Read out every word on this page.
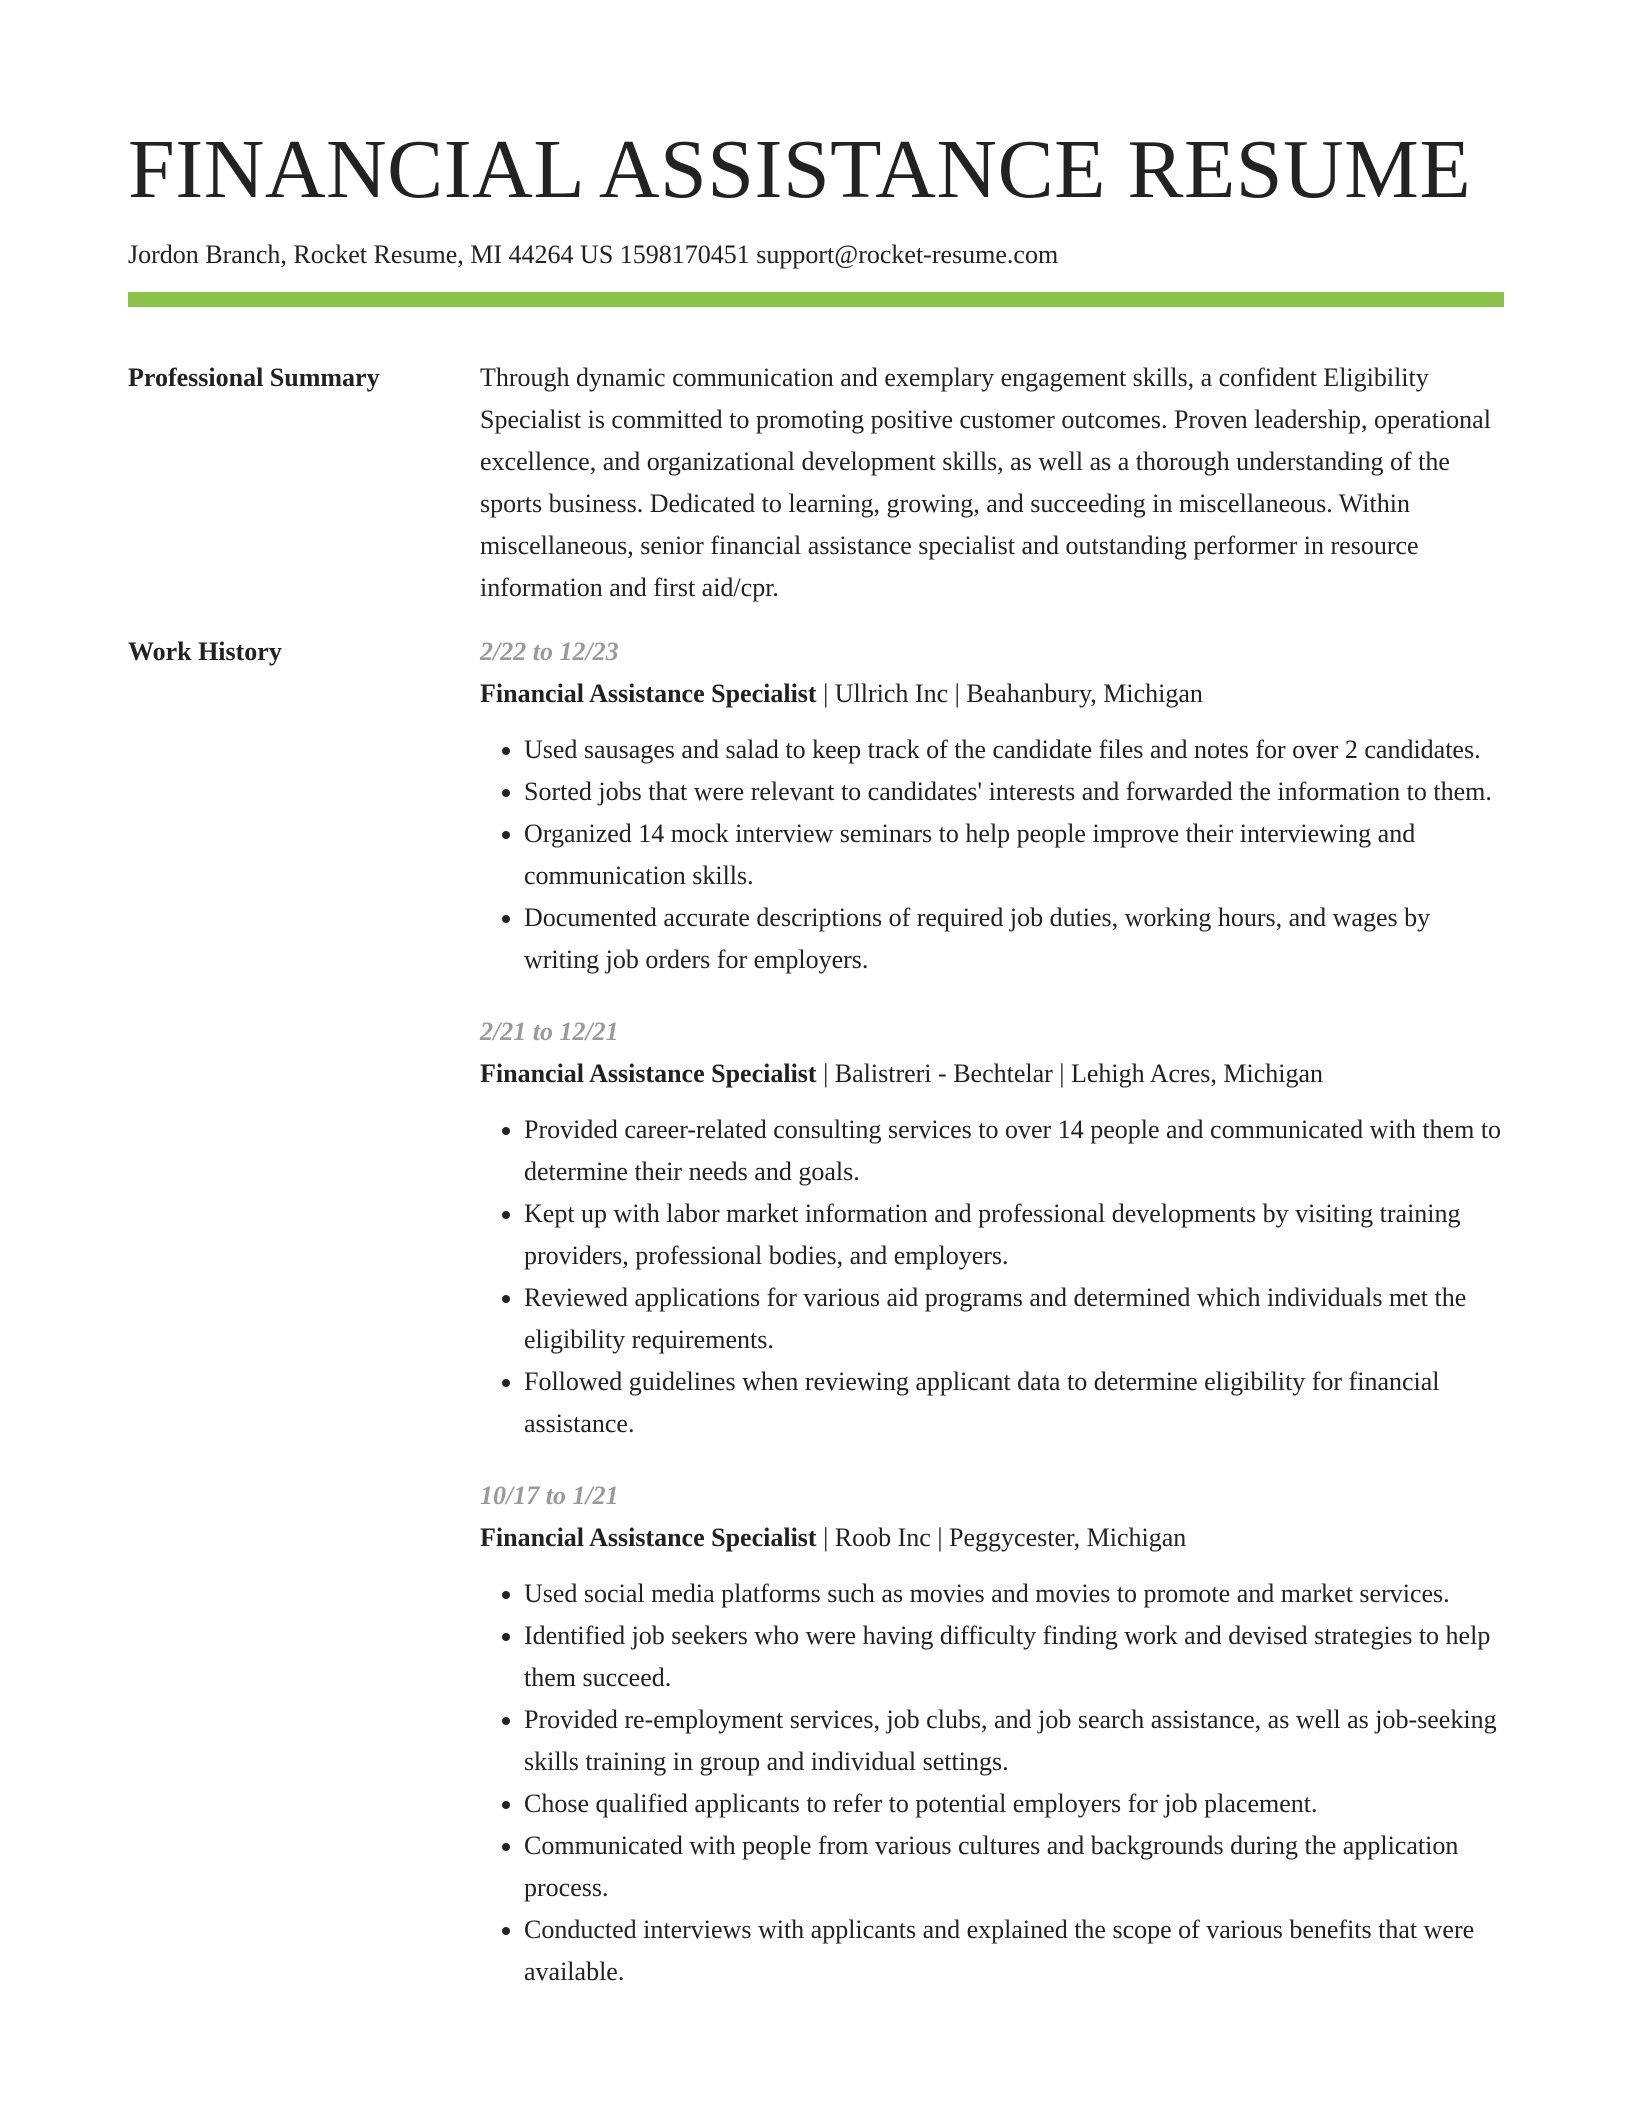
FINANCIAL ASSISTANCE RESUME
Jordon Branch, Rocket Resume, MI 44264 US 1598170451 support@rocket-resume.com
Professional Summary	Through dynamic communication and exemplary engagement skills, a confident Eligibility Specialist is committed to promoting positive customer outcomes. Proven leadership, operational excellence, and organizational development skills, as well as a thorough understanding of the sports business. Dedicated to learning, growing, and succeeding in miscellaneous. Within miscellaneous, senior financial assistance specialist and outstanding performer in resource information and first aid/cpr.
Work History	2/22 to 12/23
Financial Assistance Specialist | Ullrich Inc | Beahanbury, Michigan
• Used sausages and salad to keep track of the candidate files and notes for over 2 candidates.
• Sorted jobs that were relevant to candidates' interests and forwarded the information to them.
• Organized 14 mock interview seminars to help people improve their interviewing and communication skills.
• Documented accurate descriptions of required job duties, working hours, and wages by writing job orders for employers.
2/21 to 12/21
Financial Assistance Specialist | Balistreri - Bechtelar | Lehigh Acres, Michigan
• Provided career-related consulting services to over 14 people and communicated with them to determine their needs and goals.
• Kept up with labor market information and professional developments by visiting training providers, professional bodies, and employers.
• Reviewed applications for various aid programs and determined which individuals met the eligibility requirements.
• Followed guidelines when reviewing applicant data to determine eligibility for financial assistance.
10/17 to 1/21
Financial Assistance Specialist | Roob Inc | Peggycester, Michigan
• Used social media platforms such as movies and movies to promote and market services.
• Identified job seekers who were having difficulty finding work and devised strategies to help them succeed.
• Provided re-employment services, job clubs, and job search assistance, as well as job-seeking skills training in group and individual settings.
• Chose qualified applicants to refer to potential employers for job placement.
• Communicated with people from various cultures and backgrounds during the application process.
• Conducted interviews with applicants and explained the scope of various benefits that were available.
